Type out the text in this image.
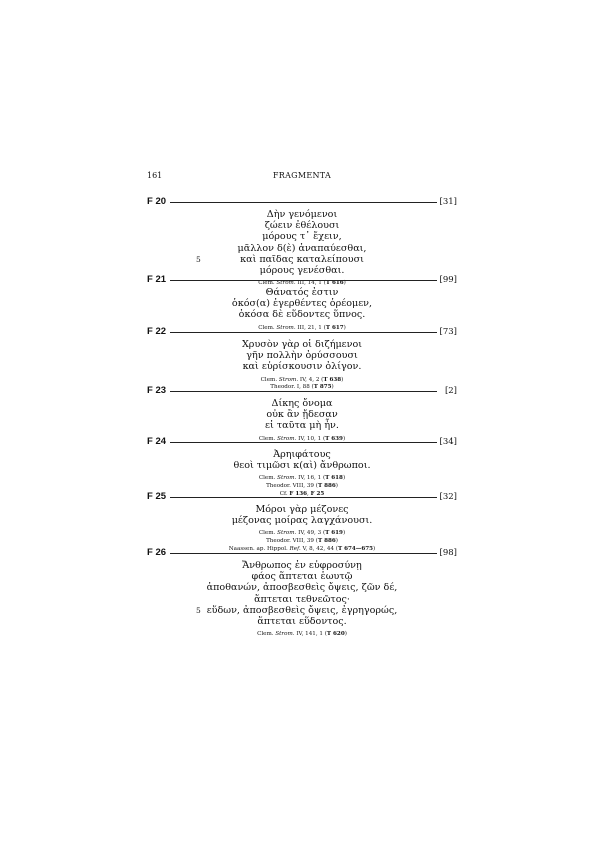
161	FRAGMENTA
F 20	[31]
Δὴν γενόμενοι
ζώειν ἐθέλουσι
μόρους τ᾽ ἔχειν,
μᾶλλον δ(ὲ) ἀναπαύεσθαι,
καὶ παῖδας καταλείπουσι
5
μόρους γενέσθαι.
Clem. Strom. III, 14, 1 (T 616)
F 21	[99]
Θάνατός ἐστιν
ὁκόσ(α) ἐγερθέντες ὁρέομεν,
ὁκόσα δὲ εὕδοντες ὕπνος.
Clem. Strom. III, 21, 1 (T 617)
F 22	[73]
Χρυσὸν γὰρ οἱ διζήμενοι
γῆν πολλὴν ὀρύσσουσι
καὶ εὑρίσκουσιν ὀλίγον.
Clem. Strom. IV, 4, 2 (T 638)
Theodor. I, 88 (T 875)
F 23	[2]
Δίκης ὄνομα
οὐκ ἂν ᾔδεσαν
εἰ ταῦτα μὴ ἦν.
Clem. Strom. IV, 10, 1 (T 639)
F 24	[34]
Ἀρηιφάτους
θεοὶ τιμῶσι κ(αὶ) ἄνθρωποι.
Clem. Strom. IV, 16, 1 (T 618)
Theodor. VIII, 39 (T 886)
Cf. F 136, F 25
F 25	[32]
Μόροι γὰρ μέζονες
μέζονας μοίρας λαγχάνουσι.
Clem. Strom. IV, 49, 3 (T 619)
Theodor. VIII, 39 (T 886)
Naassen. ap. Hippol. Ref. V, 8, 42, 44 (T 674—675)
F 26	[98]
Ἄνθρωπος ἐν εὐφροσύνῃ
φάος ἅπτεται ἑωυτῷ
ἀποθανών, ἀποσβεσθεὶς ὄψεις, ζῶν δέ,
ἅπτεται τεθνεῶτος·
εὕδων, ἀποσβεσθεὶς ὄψεις, ἐγρηγορώς,
5
ἅπτεται εὕδοντος.
Clem. Strom. IV, 141, 1 (T 620)
